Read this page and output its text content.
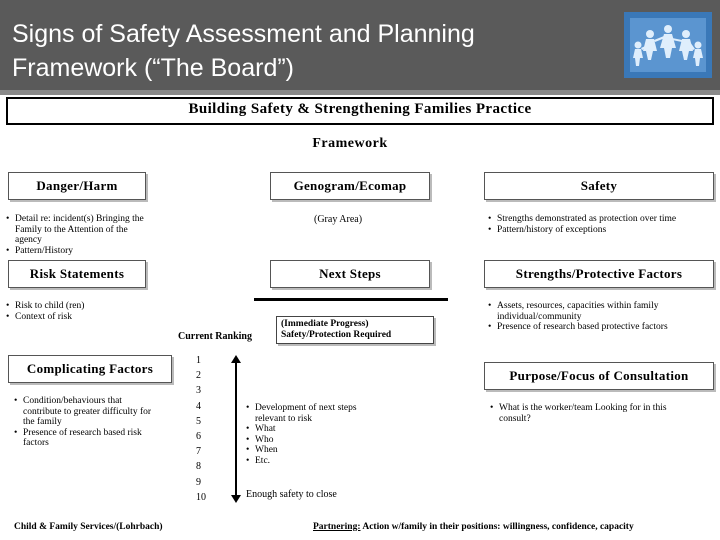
Signs of Safety Assessment and Planning
Framework (“The Board”)
Building Safety & Strengthening Families Practice
Framework
Danger/Harm	Genogram/Ecomap	Safety
• Detail re: incident(s) Bringing the Family to the Attention of the agency
• Pattern/History
(Gray Area)	• Strengths demonstrated as protection over time
• Pattern/history of exceptions
Risk Statements	Next Steps	Strengths/Protective Factors
• Risk to child (ren)
• Context of risk
• Assets, resources, capacities within family individual/community
• Presence of research based protective factors
Current Ranking
(Immediate Progress)
Safety/Protection Required
Complicating Factors	Purpose/Focus of Consultation
• Condition/behaviours that contribute to greater difficulty for the family
• Presence of research based risk factors
1
2
3
4
5
6
7
8
9
10
• Development of next steps relevant to risk
• What
• Who
• When
• Etc.
Enough safety to close
• What is the worker/team Looking for in this consult?
Child & Family Services/(Lohrbach)	Partnering: Action w/family in their positions: willingness, confidence, capacity
